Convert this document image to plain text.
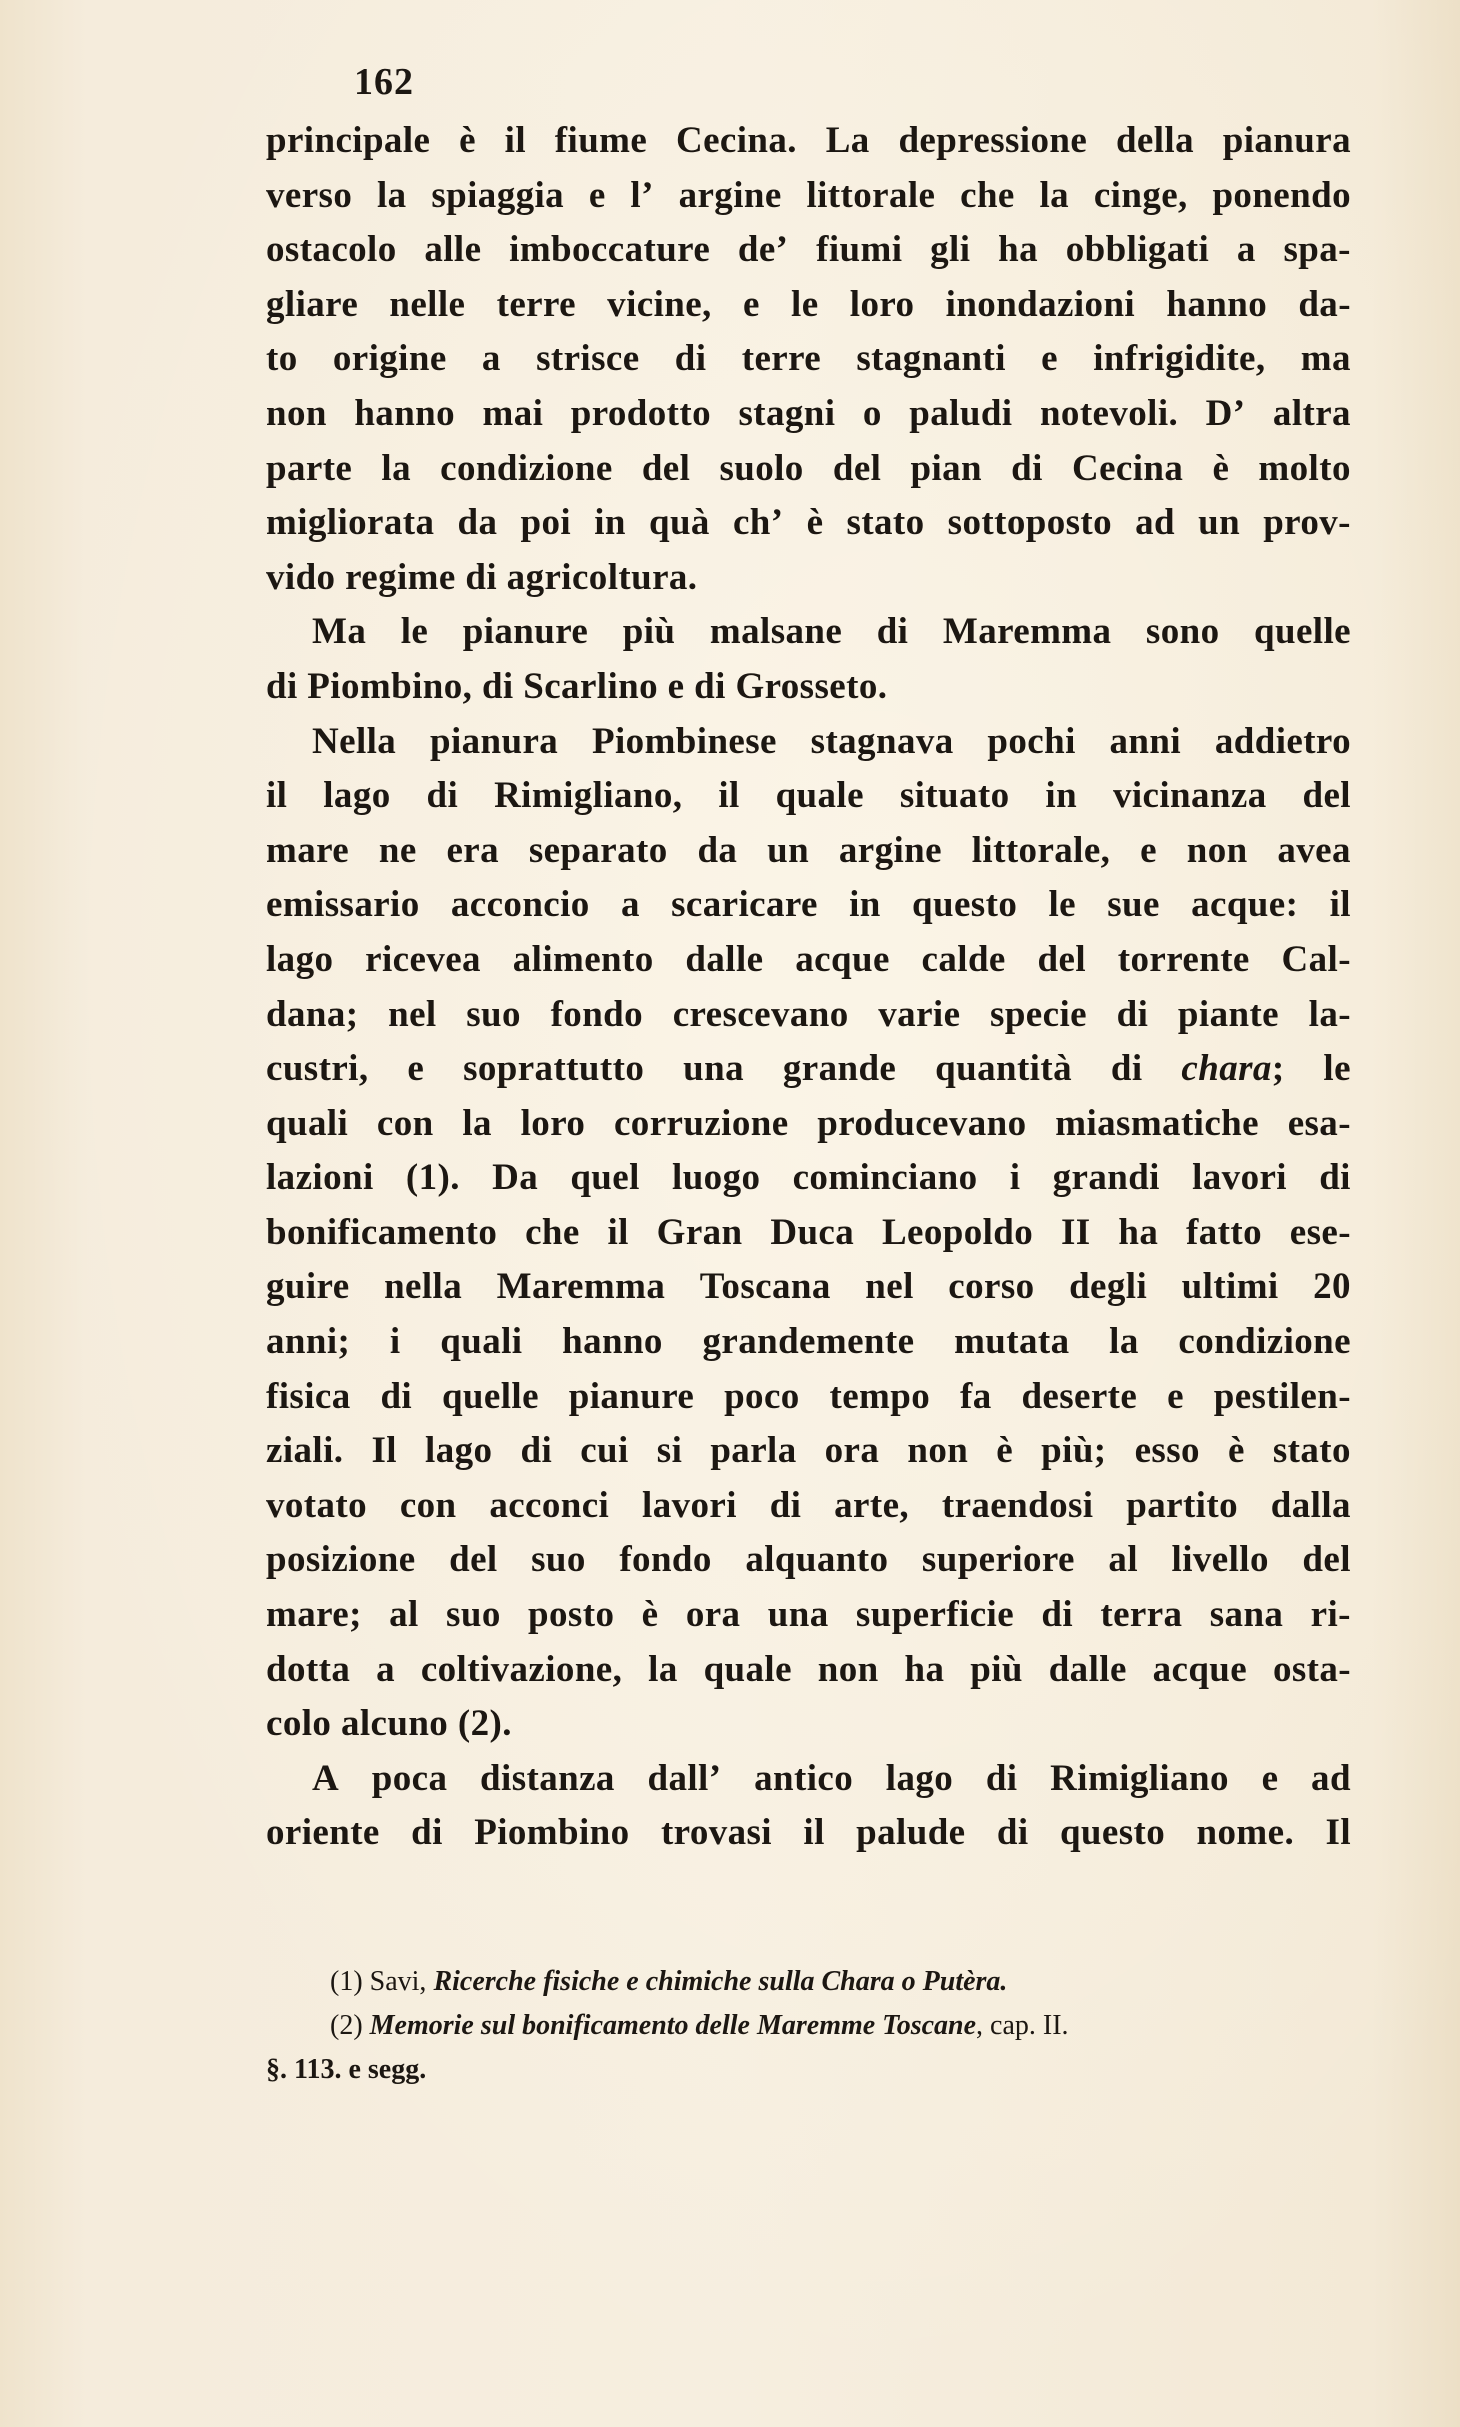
162
principale è il fiume Cecina. La depressione della pianura
verso la spiaggia e l’ argine littorale che la cinge, ponendo
ostacolo alle imboccature de’ fiumi gli ha obbligati a spa-
gliare nelle terre vicine, e le loro inondazioni hanno da-
to origine a strisce di terre stagnanti e infrigidite, ma
non hanno mai prodotto stagni o paludi notevoli. D’ altra
parte la condizione del suolo del pian di Cecina è molto
migliorata da poi in quà ch’ è stato sottoposto ad un prov-
vido regime di agricoltura.
Ma le pianure più malsane di Maremma sono quelle
di Piombino, di Scarlino e di Grosseto.
Nella pianura Piombinese stagnava pochi anni addietro
il lago di Rimigliano, il quale situato in vicinanza del
mare ne era separato da un argine littorale, e non avea
emissario acconcio a scaricare in questo le sue acque: il
lago ricevea alimento dalle acque calde del torrente Cal-
dana; nel suo fondo crescevano varie specie di piante la-
custri, e soprattutto una grande quantità di chara; le
quali con la loro corruzione producevano miasmatiche esa-
lazioni (1). Da quel luogo cominciano i grandi lavori di
bonificamento che il Gran Duca Leopoldo II ha fatto ese-
guire nella Maremma Toscana nel corso degli ultimi 20
anni; i quali hanno grandemente mutata la condizione
fisica di quelle pianure poco tempo fa deserte e pestilen-
ziali. Il lago di cui si parla ora non è più; esso è stato
votato con acconci lavori di arte, traendosi partito dalla
posizione del suo fondo alquanto superiore al livello del
mare; al suo posto è ora una superficie di terra sana ri-
dotta a coltivazione, la quale non ha più dalle acque osta-
colo alcuno (2).
A poca distanza dall’ antico lago di Rimigliano e ad
oriente di Piombino trovasi il palude di questo nome. Il
(1) Savi, Ricerche fisiche e chimiche sulla Chara o Putèra.
(2) Memorie sul bonificamento delle Maremme Toscane, cap. II.
§. 113. e segg.
